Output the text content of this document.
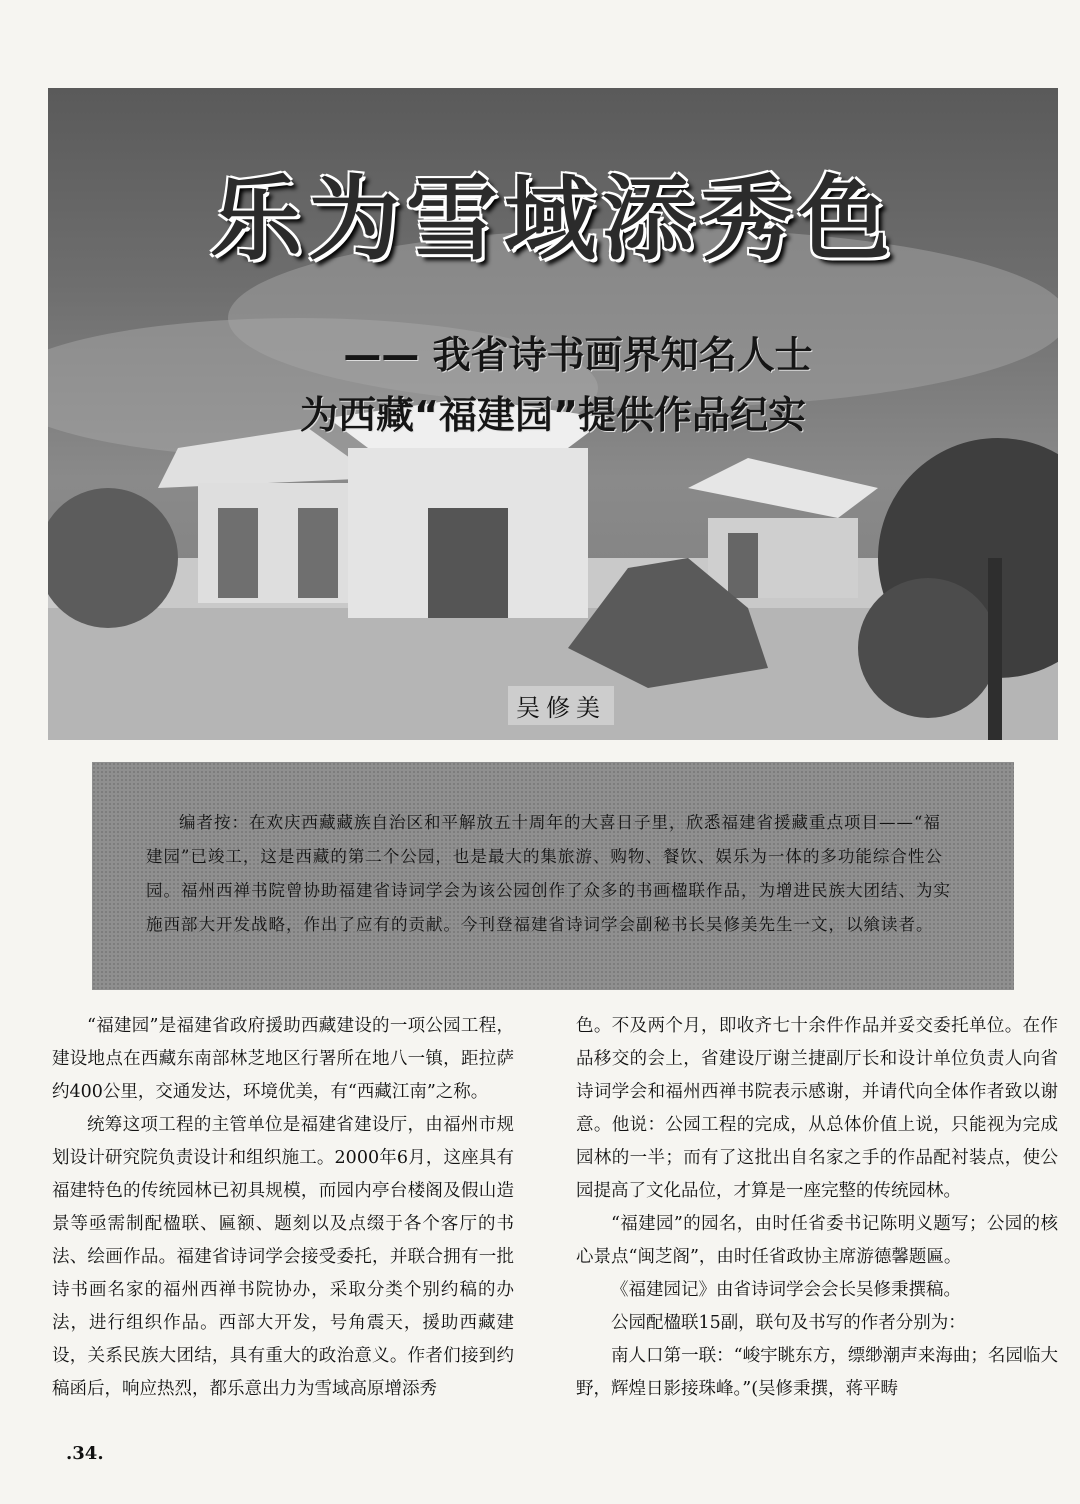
乐为雪域添秀色
—— 我省诗书画界知名人士
为西藏“福建园”提供作品纪实
吴修美

编者按：在欢庆西藏藏族自治区和平解放五十周年的大喜日子里，欣悉福建省援藏重点项目——“福建园”已竣工，这是西藏的第二个公园，也是最大的集旅游、购物、餐饮、娱乐为一体的多功能综合性公园。福州西禅书院曾协助福建省诗词学会为该公园创作了众多的书画楹联作品，为增进民族大团结、为实施西部大开发战略，作出了应有的贡献。今刊登福建省诗词学会副秘书长吴修美先生一文，以飨读者。

“福建园”是福建省政府援助西藏建设的一项公园工程，建设地点在西藏东南部林芝地区行署所在地八一镇，距拉萨约400公里，交通发达，环境优美，有“西藏江南”之称。

统筹这项工程的主管单位是福建省建设厅，由福州市规划设计研究院负责设计和组织施工。2000年6月，这座具有福建特色的传统园林已初具规模，而园内亭台楼阁及假山造景等亟需制配楹联、匾额、题刻以及点缀于各个客厅的书法、绘画作品。福建省诗词学会接受委托，并联合拥有一批诗书画名家的福州西禅书院协办，采取分类个别约稿的办法，进行组织作品。西部大开发，号角震天，援助西藏建设，关系民族大团结，具有重大的政治意义。作者们接到约稿函后，响应热烈，都乐意出力为雪域高原增添秀

色。不及两个月，即收齐七十余件作品并妥交委托单位。在作品移交的会上，省建设厅谢兰捷副厅长和设计单位负责人向省诗词学会和福州西禅书院表示感谢，并请代向全体作者致以谢意。他说：公园工程的完成，从总体价值上说，只能视为完成园林的一半；而有了这批出自名家之手的作品配衬装点，使公园提高了文化品位，才算是一座完整的传统园林。

“福建园”的园名，由时任省委书记陈明义题写；公园的核心景点“闽芝阁”，由时任省政协主席游德馨题匾。

《福建园记》由省诗词学会会长吴修秉撰稿。

公园配楹联15副，联句及书写的作者分别为：

南人口第一联：“峻宇眺东方，缥缈潮声来海曲；名园临大野，辉煌日影接珠峰。”(吴修秉撰，蒋平畴

.34.
